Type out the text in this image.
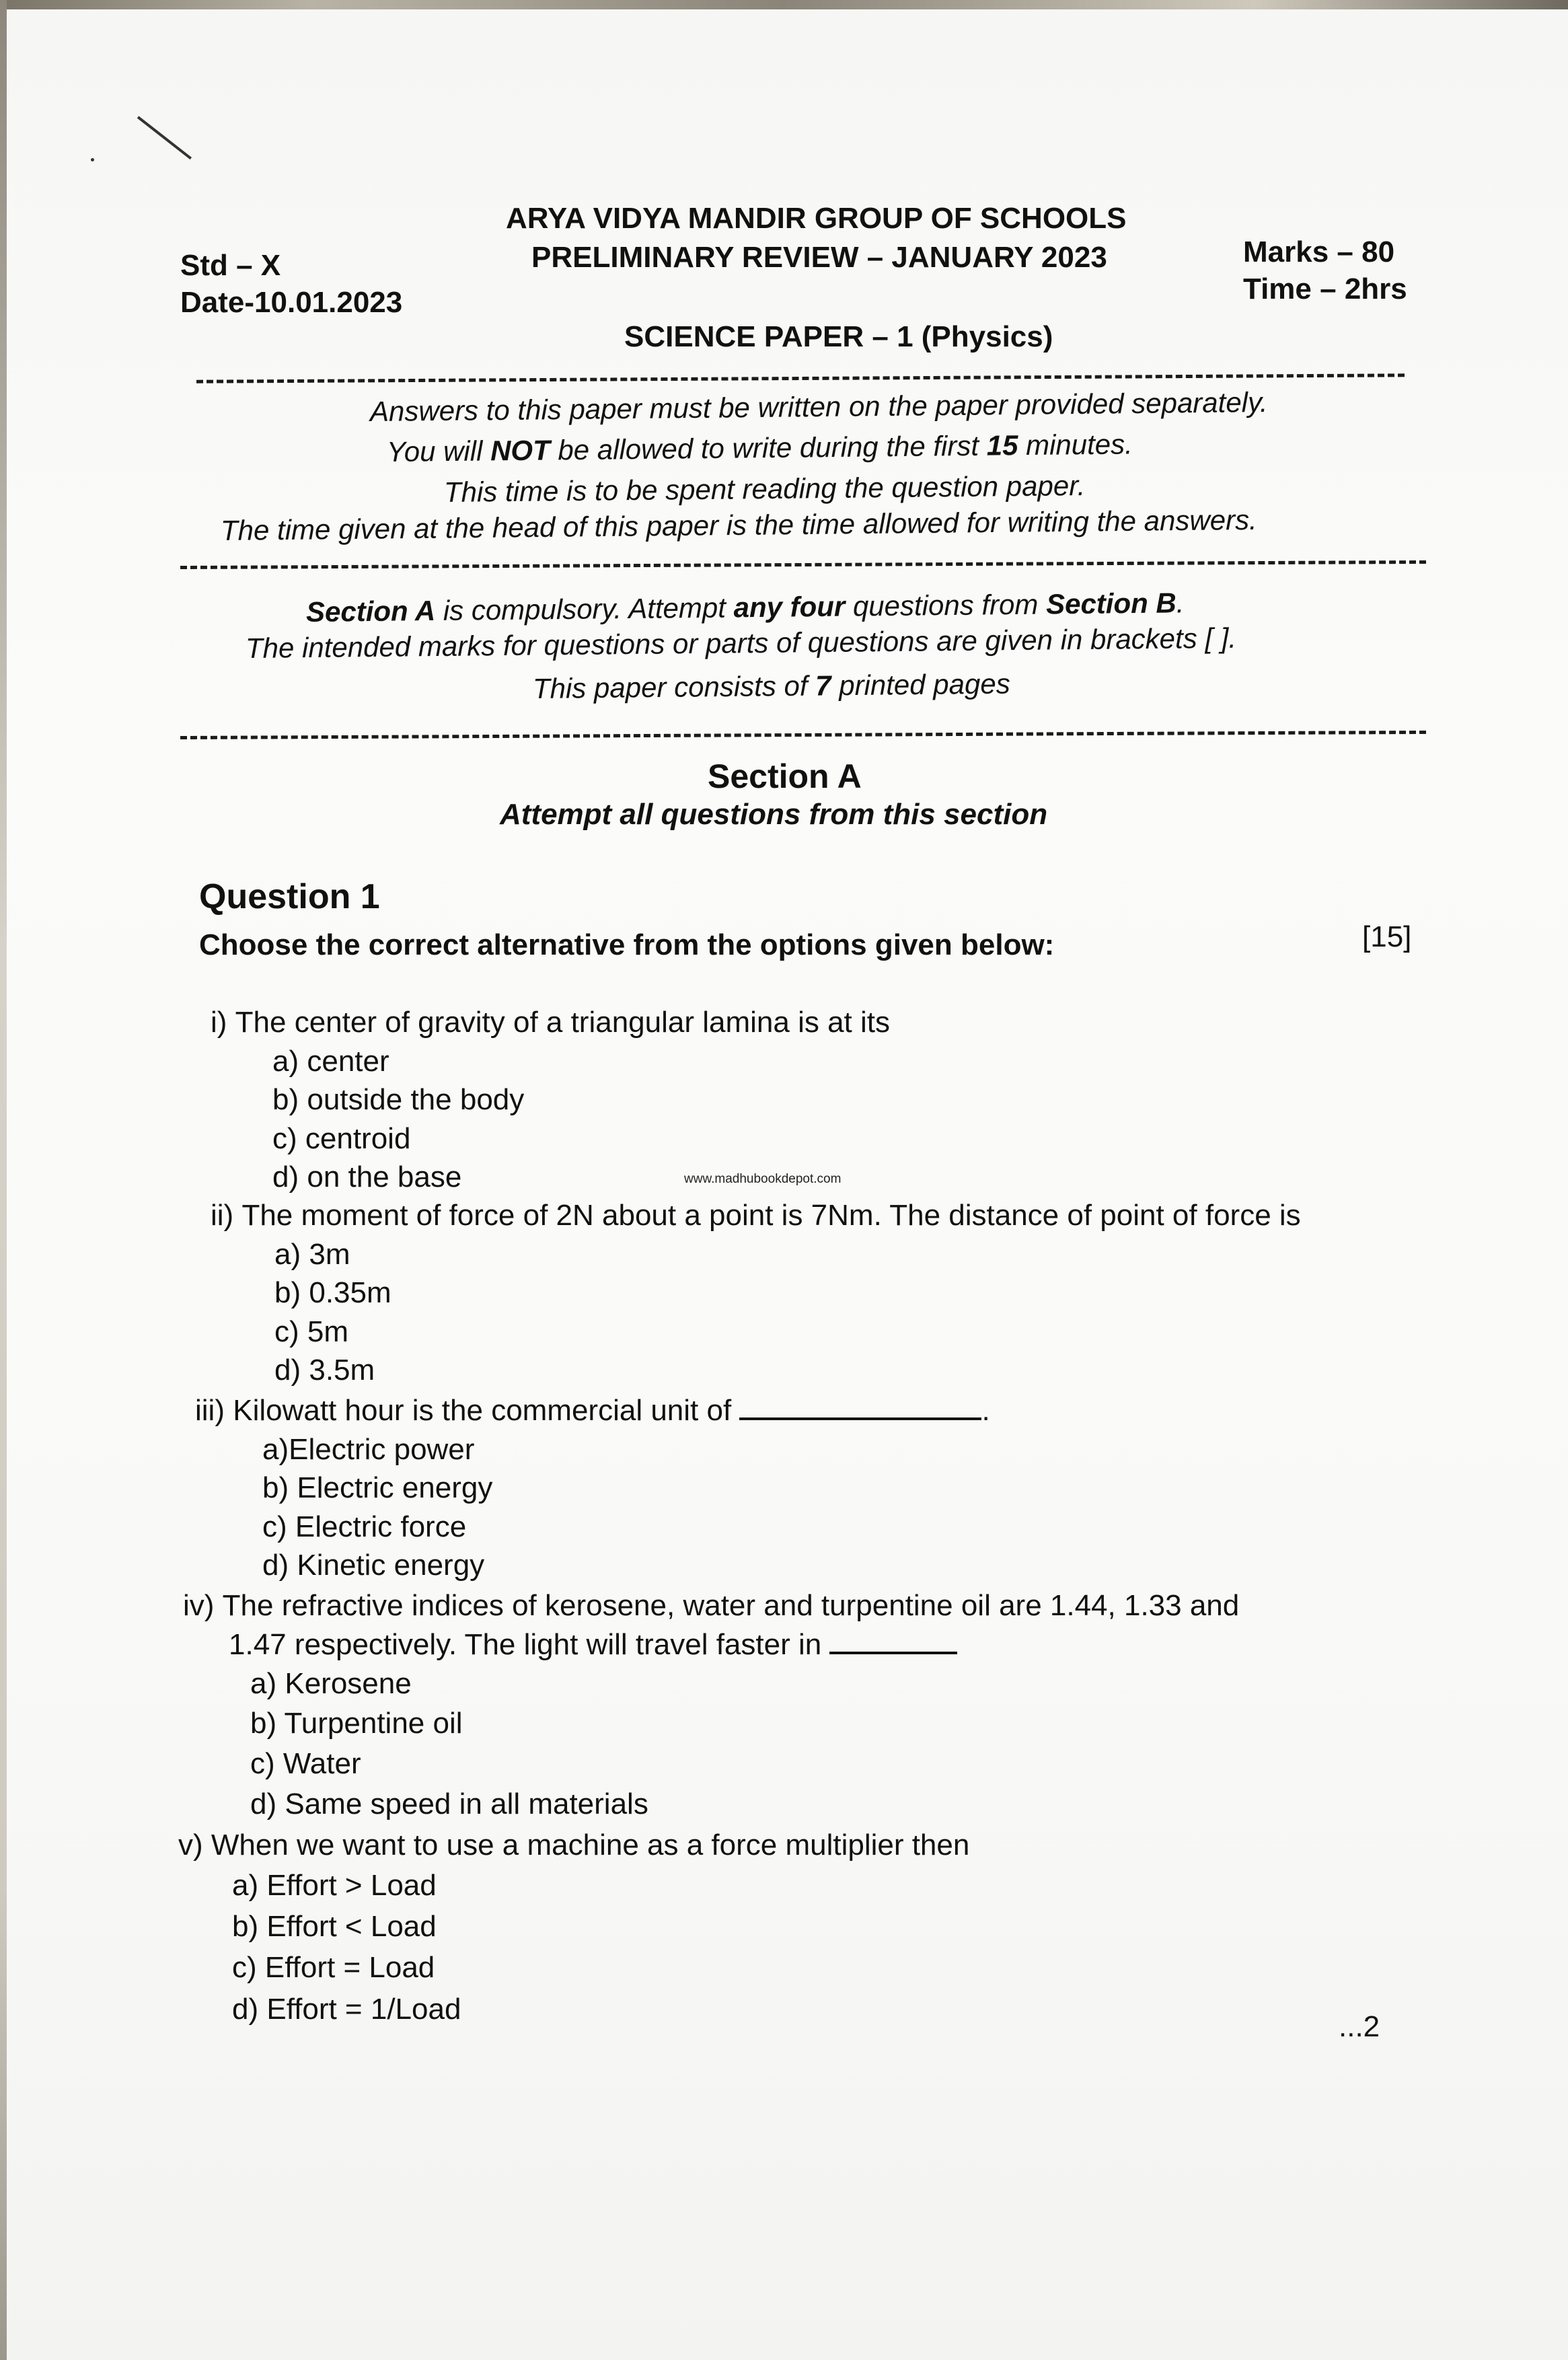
ARYA VIDYA MANDIR GROUP OF SCHOOLS
PRELIMINARY REVIEW – JANUARY 2023
Std – X
Date-10.01.2023
Marks – 80
Time – 2hrs
SCIENCE PAPER – 1 (Physics)
Answers to this paper must be written on the paper provided separately.
You will NOT be allowed to write during the first 15 minutes.
This time is to be spent reading the question paper.
The time given at the head of this paper is the time allowed for writing the answers.
Section A is compulsory. Attempt any four questions from Section B.
The intended marks for questions or parts of questions are given in brackets [ ].
This paper consists of 7 printed pages
Section A
Attempt all questions from this section
Question 1
Choose the correct alternative from the options given below:	[15]
i) The center of gravity of a triangular lamina is at its
a) center
b) outside the body
c) centroid
d) on the base	www.madhubookdepot.com
ii) The moment of force of 2N about a point is 7Nm. The distance of point of force is
a) 3m
b) 0.35m
c) 5m
d) 3.5m
iii) Kilowatt hour is the commercial unit of	.
a)Electric power
b) Electric energy
c) Electric force
d) Kinetic energy
iv) The refractive indices of kerosene, water and turpentine oil are 1.44, 1.33 and
1.47 respectively. The light will travel faster in
a) Kerosene
b) Turpentine oil
c) Water
d) Same speed in all materials
v) When we want to use a machine as a force multiplier then
a) Effort > Load
b) Effort < Load
c) Effort = Load
d) Effort = 1/Load
...2
